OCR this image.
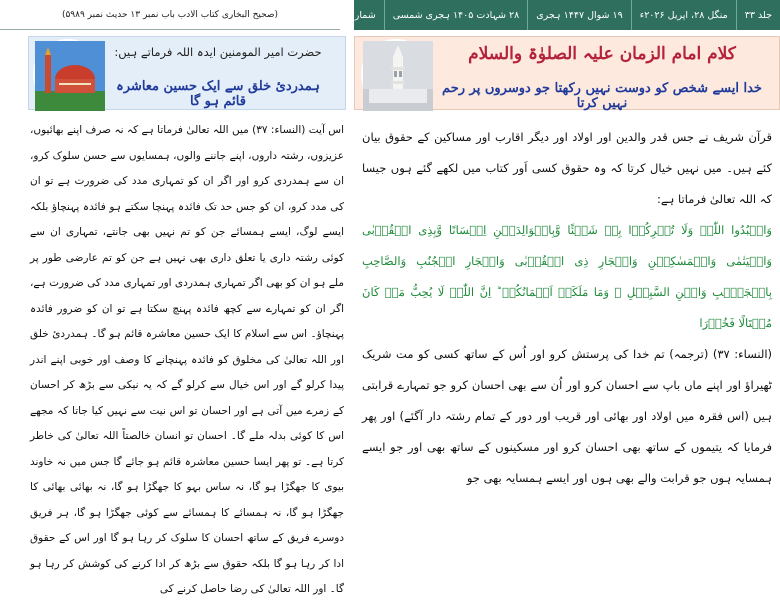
(صحیح البخاری کتاب الادب باب نمبر ۱۳ حدیث نمبر ۵۹۸۹)	جلد ۳۳
منگل ۲۸، اپریل ۲۰۲۶ء
۱۹ شوال ۱۴۴۷ ہجری
۲۸ شہادت ۱۴۰۵ ہجری شمسی
شمارہ ۹۳
کلام امام الزمان علیہ الصلوٰۃ والسلام
خدا ایسے شخص کو دوست نہیں رکھتا جو دوسروں پر رحم نہیں کرتا

قرآن شریف نے جس قدر والدین اور اولاد اور دیگر اقارب اور مساکین کے حقوق بیان کئے ہیں۔ میں نہیں خیال کرتا کہ وہ حقوق کسی اَور کتاب میں لکھے گئے ہوں جیسا کہ اللہ تعالیٰ فرماتا ہے:

وَاعۡبُدُوا اللّٰہَ وَلَا تُشۡرِکُوۡا بِہٖ شَیۡئًا وَّبِالۡوَالِدَیۡنِ اِحۡسَانًا وَّبِذِی الۡقُرۡبٰی وَالۡیَتٰمٰی وَالۡمَسٰکِیۡنِ وَالۡجَارِ ذِی الۡقُرۡبٰی وَالۡجَارِ الۡجُنُبِ وَالصَّاحِبِ بِالۡجَنۡۢبِ وَابۡنِ السَّبِیۡلِ ۙ وَمَا مَلَکَتۡ اَیۡمَانُکُمۡ ؕ اِنَّ اللّٰہَ لَا یُحِبُّ مَنۡ کَانَ مُخۡتَالًا فَخُوۡرَا

(النساء: ۳۷) (ترجمہ) تم خدا کی پرستش کرو اور اُس کے ساتھ کسی کو مت شریک ٹھیراؤ اور اپنے ماں باپ سے احسان کرو اور اُن سے بھی احسان کرو جو تمہارے قرابتی ہیں (اس فقرہ میں اولاد اور بھائی اور قریب اور دور کے تمام رشتہ دار آگئے) اور پھر فرمایا کہ یتیموں کے ساتھ بھی احسان کرو اور مسکینوں کے ساتھ بھی اور جو ایسے ہمسایہ ہوں جو قرابت والے بھی ہوں اور ایسے ہمسایہ بھی جو

حضرت امیر المومنین ایدہ اللہ فرماتے ہیں:
ہمدردیٔ خلق سے ایک حسین معاشرہ قائم ہو گا

اس آیت (النساء: ۳۷) میں اللہ تعالیٰ فرماتا ہے کہ نہ صرف اپنے بھائیوں، عزیزوں، رشتہ داروں، اپنے جاننے والوں، ہمسایوں سے حسن سلوک کرو، ان سے ہمدردی کرو اور اگر ان کو تمہاری مدد کی ضرورت ہے تو ان کی مدد کرو، ان کو جس حد تک فائدہ پہنچا سکتے ہو فائدہ پہنچاؤ بلکہ ایسے لوگ، ایسے ہمسائے جن کو تم نہیں بھی جانتے، تمہاری ان سے کوئی رشتہ داری یا تعلق داری بھی نہیں ہے جن کو تم عارضی طور پر ملے ہو ان کو بھی اگر تمہاری ہمدردی اور تمہاری مدد کی ضرورت ہے، اگر ان کو تمہارے سے کچھ فائدہ پہنچ سکتا ہے تو ان کو ضرور فائدہ پہنچاؤ۔ اس سے اسلام کا ایک حسین معاشرہ قائم ہو گا۔ ہمدردیٔ خلق اور اللہ تعالیٰ کی مخلوق کو فائدہ پہنچانے کا وصف اور خوبی اپنے اندر پیدا کرلو گے اور اس خیال سے کرلو گے کہ یہ نیکی سے بڑھ کر احسان کے زمرے میں آتی ہے اور احسان تو اس نیت سے نہیں کیا جاتا کہ مجھے اس کا کوئی بدلہ ملے گا۔ احسان تو انسان خالصتاً اللہ تعالیٰ کی خاطر کرتا ہے۔ تو پھر ایسا حسین معاشرہ قائم ہو جائے گا جس میں نہ خاوند بیوی کا جھگڑا ہو گا، نہ ساس بہو کا جھگڑا ہو گا، نہ بھائی بھائی کا جھگڑا ہو گا، نہ ہمسائے کا ہمسائے سے کوئی جھگڑا ہو گا، ہر فریق دوسرے فریق کے ساتھ احسان کا سلوک کر رہا ہو گا اور اس کے حقوق ادا کر رہا ہو گا بلکہ حقوق سے بڑھ کر ادا کرنے کی کوشش کر رہا ہو گا۔ اور اللہ تعالیٰ کی رضا حاصل کرنے کی
